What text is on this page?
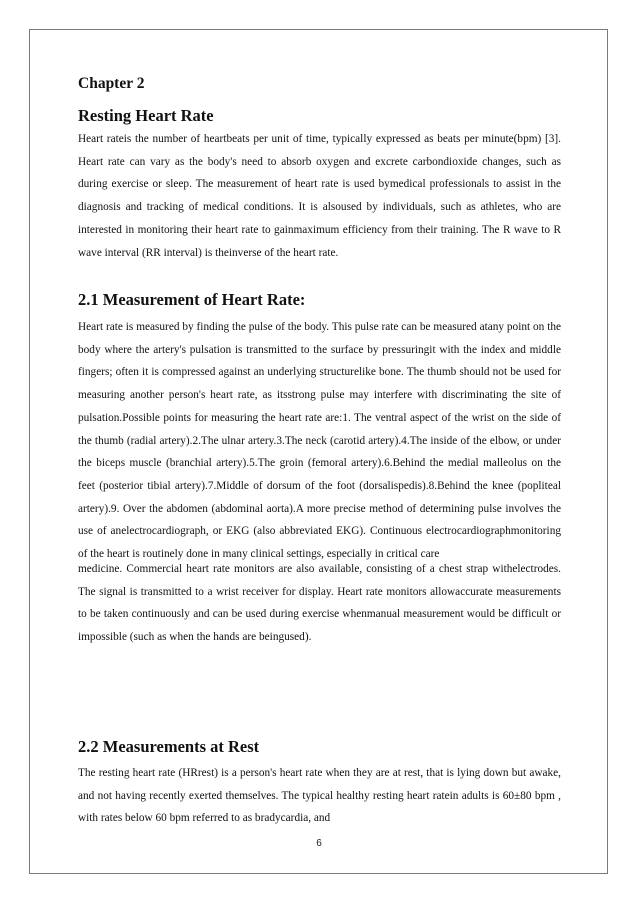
Chapter 2
Resting Heart Rate
Heart rateis the number of heartbeats per unit of time, typically expressed as beats per minute(bpm) [3]. Heart rate can vary as the body's need to absorb oxygen and excrete carbondioxide changes, such as during exercise or sleep. The measurement of heart rate is used bymedical professionals to assist in the diagnosis and tracking of medical conditions. It is alsoused by individuals, such as athletes, who are interested in monitoring their heart rate to gainmaximum efficiency from their training. The R wave to R wave interval (RR interval) is theinverse of the heart rate.
2.1 Measurement of Heart Rate:
Heart rate is measured by finding the pulse of the body. This pulse rate can be measured atany point on the body where the artery's pulsation is transmitted to the surface by pressuringit with the index and middle fingers; often it is compressed against an underlying structurelike bone. The thumb should not be used for measuring another person's heart rate, as itsstrong pulse may interfere with discriminating the site of pulsation.Possible points for measuring the heart rate are:1. The ventral aspect of the wrist on the side of the thumb (radial artery).2.The ulnar artery.3.The neck (carotid artery).4.The inside of the elbow, or under the biceps muscle (branchial artery).5.The groin (femoral artery).6.Behind the medial malleolus on the feet (posterior tibial artery).7.Middle of dorsum of the foot (dorsalispedis).8.Behind the knee (popliteal artery).9. Over the abdomen (abdominal aorta).A more precise method of determining pulse involves the use of anelectrocardiograph, or EKG (also abbreviated EKG). Continuous electrocardiographmonitoring of the heart is routinely done in many clinical settings, especially in critical care
medicine. Commercial heart rate monitors are also available, consisting of a chest strap withelectrodes. The signal is transmitted to a wrist receiver for display. Heart rate monitors allowaccurate measurements to be taken continuously and can be used during exercise whenmanual measurement would be difficult or impossible (such as when the hands are beingused).
2.2 Measurements at Rest
The resting heart rate (HRrest) is a person's heart rate when they are at rest, that is lying down but awake, and not having recently exerted themselves. The typical healthy resting heart ratein adults is 60±80 bpm , with rates below 60 bpm referred to as bradycardia, and
6
